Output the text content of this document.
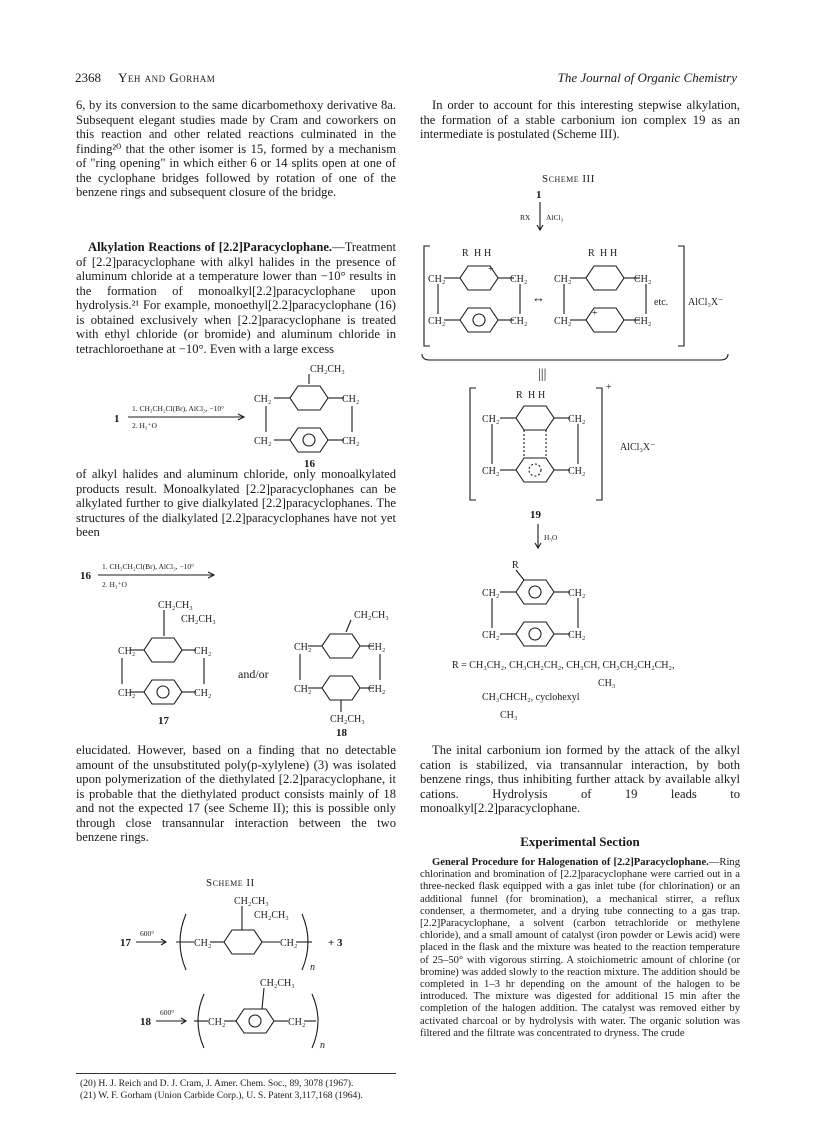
2368 Yeh and Gorham	The Journal of Organic Chemistry

6, by its conversion to the same dicarbomethoxy derivative 8a. Subsequent elegant studies made by Cram and coworkers on this reaction and other related reactions culminated in the finding²⁰ that the other isomer is 15, formed by a mechanism of "ring opening" in which either 6 or 14 splits open at one of the cyclophane bridges followed by rotation of one of the benzene rings and subsequent closure of the bridge.

Alkylation Reactions of [2.2]Paracyclophane.—Treatment of [2.2]paracyclophane with alkyl halides in the presence of aluminum chloride at a temperature lower than −10° results in the formation of monoalkyl[2.2]paracyclophane upon hydrolysis.²¹ For example, monoethyl[2.2]paracyclophane (16) is obtained exclusively when [2.2]paracyclophane is treated with ethyl chloride (or bromide) and aluminum chloride in tetrachloroethane at −10°. Even with a large excess

of alkyl halides and aluminum chloride, only monoalkylated products result. Monoalkylated [2.2]paracyclophanes can be alkylated further to give dialkylated [2.2]paracyclophanes. The structures of the dialkylated [2.2]paracyclophanes have not yet been

elucidated. However, based on a finding that no detectable amount of the unsubstituted poly(p-xylylene) (3) was isolated upon polymerization of the diethylated [2.2]paracyclophane, it is probable that the diethylated product consists mainly of 18 and not the expected 17 (see Scheme II); this is possible only through close transannular interaction between the two benzene rings.

In order to account for this interesting stepwise alkylation, the formation of a stable carbonium ion complex 19 as an intermediate is postulated (Scheme III).

The inital carbonium ion formed by the attack of the alkyl cation is stabilized, via transannular interaction, by both benzene rings, thus inhibiting further attack by available alkyl cations. Hydrolysis of 19 leads to monoalkyl[2.2]paracyclophane.

Experimental Section

General Procedure for Halogenation of [2.2]Paracyclophane.—Ring chlorination and bromination of [2.2]paracyclophane were carried out in a three-necked flask equipped with a gas inlet tube (for chlorination) or an additional funnel (for bromination), a mechanical stirrer, a reflux condenser, a thermometer, and a drying tube connecting to a gas trap. [2.2]Paracyclophane, a solvent (carbon tetrachloride or methylene chloride), and a small amount of catalyst (iron powder or Lewis acid) were placed in the flask and the mixture was heated to the reaction temperature of 25–50° with vigorous stirring. A stoichiometric amount of chlorine (or bromine) was added slowly to the reaction mixture. The addition should be completed in 1–3 hr depending on the amount of the halogen to be introduced. The mixture was digested for additional 15 min after the completion of the halogen addition. The catalyst was removed either by activated charcoal or by hydrolysis with water. The organic solution was filtered and the filtrate was concentrated to dryness. The crude

(20) H. J. Reich and D. J. Cram, J. Amer. Chem. Soc., 89, 3078 (1967).
(21) W. F. Gorham (Union Carbide Corp.), U. S. Patent 3,117,168 (1964).
1
1. CH₃CH₂Cl(Br), AlCl₃, −10°
2. H₃⁺O
CH₂CH₃
CH₂	CH₂
CH₂	CH₂
16
16
1. CH₃CH₂Cl(Br), AlCl₃, −10°
2. H₃⁺O
CH₂CH₃
CH₂CH₃
CH₂	CH₂
CH₂	CH₂
17
and/or
CH₂CH₃
CH₂	CH₂
CH₂	CH₂
CH₂CH₃
18
Scheme II
17
600°
CH₂
CH₂CH₃
CH₂CH₃
CH₂
n
+ 3
18
600°
CH₂
CH₂CH₃
CH₂
n
Scheme III
1
RX AlCl₃
R H H
+
CH₂	CH₂
CH₂	CH₂
↔
R H H
+
CH₂	CH₂
CH₂	CH₂
etc. AlCl₃X⁻
|||
+
R H H
CH₂	CH₂
CH₂	CH₂
AlCl₃X⁻
19
H₃O
R
CH₂	CH₂
CH₂	CH₂
R = CH₃CH₂, CH₃CH₂CH₂, CH₃CH, CH₃CH₂CH₂CH₂,
CH₃
CH₃CHCH₂, cyclohexyl
CH₃
